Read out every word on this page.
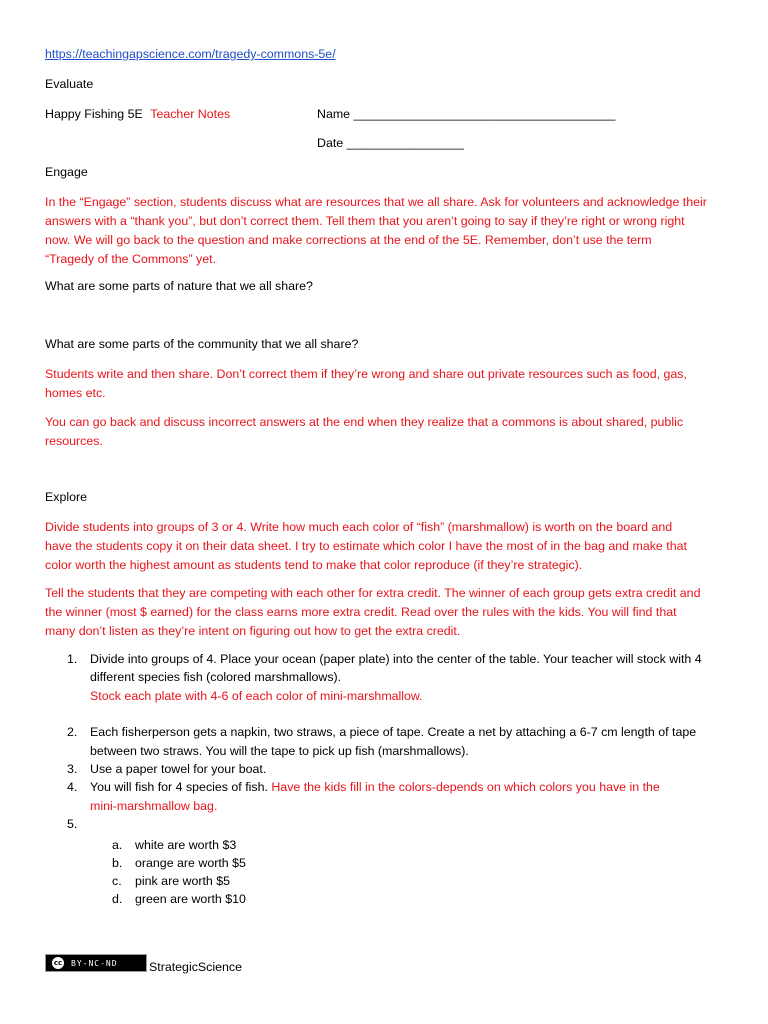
https://teachingapscience.com/tragedy-commons-5e/
Evaluate
Happy Fishing 5E Teacher Notes	Name ______________________________________
Date _________________
Engage
In the “Engage” section, students discuss what are resources that we all share. Ask for volunteers and acknowledge their
answers with a “thank you”, but don’t correct them. Tell them that you aren’t going to say if they’re right or wrong right
now. We will go back to the question and make corrections at the end of the 5E. Remember, don’t use the term
“Tragedy of the Commons” yet.
What are some parts of nature that we all share?
What are some parts of the community that we all share?
Students write and then share. Don’t correct them if they’re wrong and share out private resources such as food, gas,
homes etc.
You can go back and discuss incorrect answers at the end when they realize that a commons is about shared, public
resources.
Explore
Divide students into groups of 3 or 4. Write how much each color of “fish” (marshmallow) is worth on the board and
have the students copy it on their data sheet. I try to estimate which color I have the most of in the bag and make that
color worth the highest amount as students tend to make that color reproduce (if they’re strategic).
Tell the students that they are competing with each other for extra credit. The winner of each group gets extra credit and
the winner (most $ earned) for the class earns more extra credit. Read over the rules with the kids. You will find that
many don’t listen as they’re intent on figuring out how to get the extra credit.
1. Divide into groups of 4. Place your ocean (paper plate) into the center of the table. Your teacher will stock with 4
different species fish (colored marshmallows).
Stock each plate with 4-6 of each color of mini-marshmallow.
2. Each fisherperson gets a napkin, two straws, a piece of tape. Create a net by attaching a 6-7 cm length of tape
between two straws. You will the tape to pick up fish (marshmallows).
3. Use a paper towel for your boat.
4. You will fish for 4 species of fish. Have the kids fill in the colors-depends on which colors you have in the
mini-marshmallow bag.
5.

a. white are worth $3
b. orange are worth $5
c. pink are worth $5
d. green are worth $10
cc	BY-NC-ND	StrategicScience
